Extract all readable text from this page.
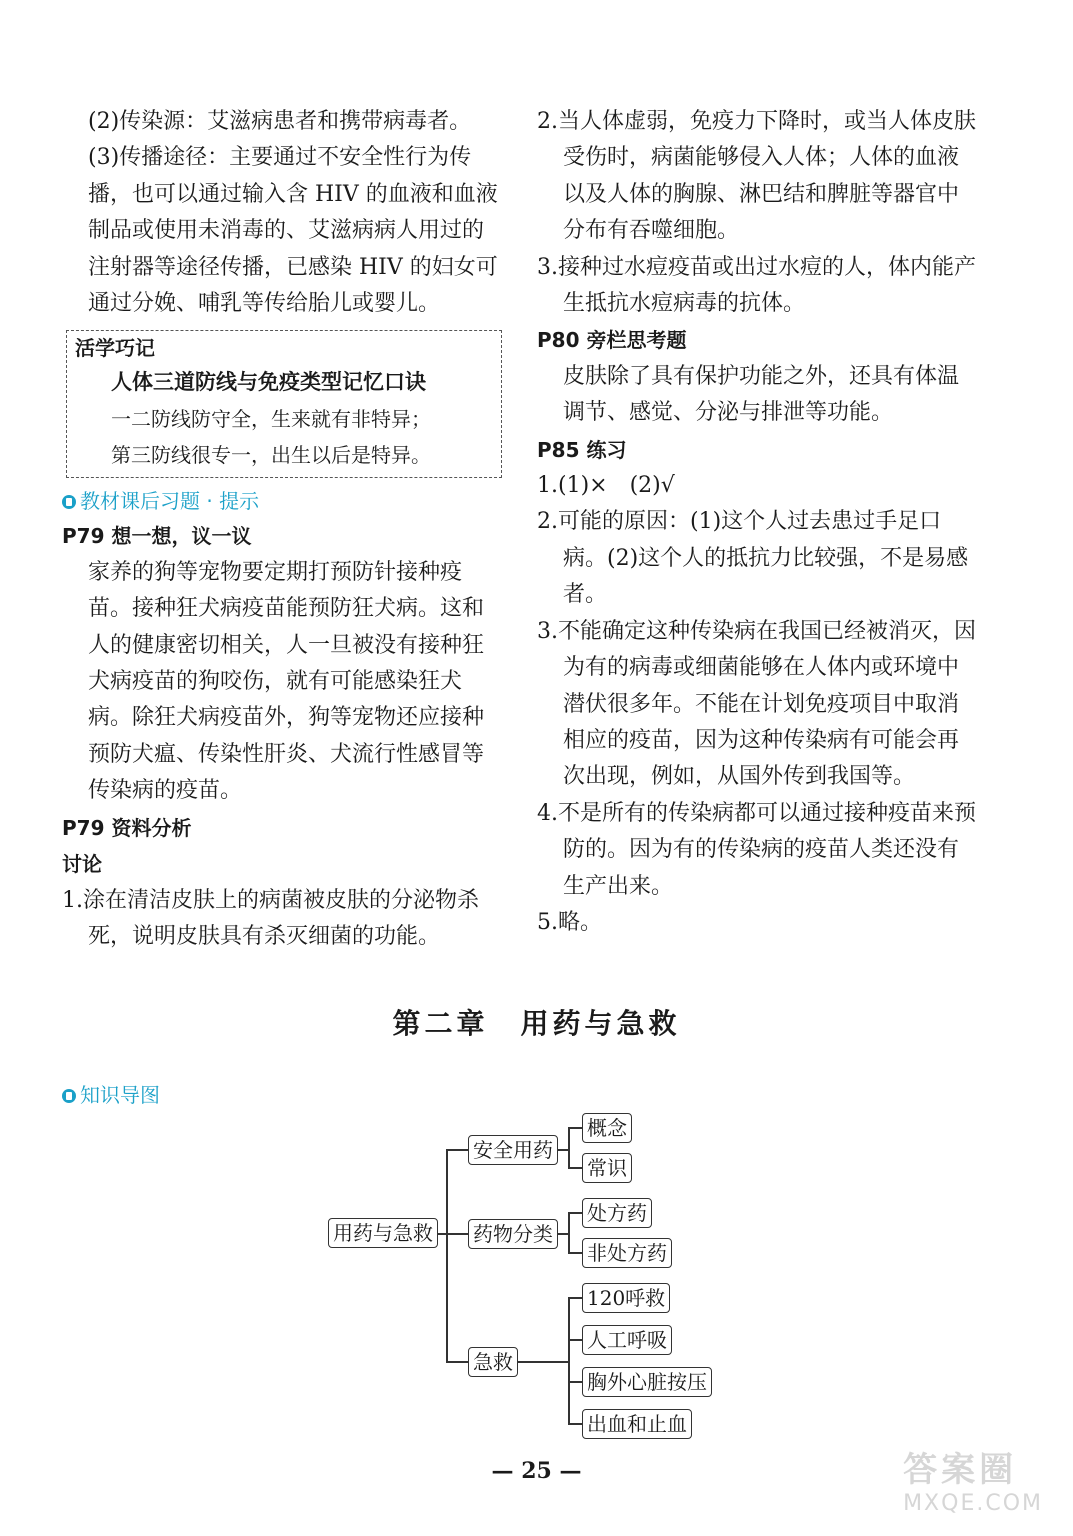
(2)传染源：艾滋病患者和携带病毒者。

(3)传播途径：主要通过不安全性行为传播，也可以通过输入含 HIV 的血液和血液制品或使用未消毒的、艾滋病病人用过的注射器等途径传播，已感染 HIV 的妇女可通过分娩、哺乳等传给胎儿或婴儿。

活学巧记
人体三道防线与免疫类型记忆口诀
一二防线防守全，生来就有非特异；
第三防线很专一，出生以后是特异。
教材课后习题 · 提示

P79 想一想，议一议

家养的狗等宠物要定期打预防针接种疫苗。接种狂犬病疫苗能预防狂犬病。这和人的健康密切相关，人一旦被没有接种狂犬病疫苗的狗咬伤，就有可能感染狂犬病。除狂犬病疫苗外，狗等宠物还应接种预防犬瘟、传染性肝炎、犬流行性感冒等传染病的疫苗。

P79 资料分析

讨论

1.涂在清洁皮肤上的病菌被皮肤的分泌物杀死，说明皮肤具有杀灭细菌的功能。

2.当人体虚弱，免疫力下降时，或当人体皮肤受伤时，病菌能够侵入人体；人体的血液以及人体的胸腺、淋巴结和脾脏等器官中分布有吞噬细胞。

3.接种过水痘疫苗或出过水痘的人，体内能产生抵抗水痘病毒的抗体。

P80 旁栏思考题

皮肤除了具有保护功能之外，还具有体温调节、感觉、分泌与排泄等功能。

P85 练习

1.(1)×　(2)√

2.可能的原因：(1)这个人过去患过手足口病。(2)这个人的抵抗力比较强，不是易感者。

3.不能确定这种传染病在我国已经被消灭，因为有的病毒或细菌能够在人体内或环境中潜伏很多年。不能在计划免疫项目中取消相应的疫苗，因为这种传染病有可能会再次出现，例如，从国外传到我国等。

4.不是所有的传染病都可以通过接种疫苗来预防的。因为有的传染病的疫苗人类还没有生产出来。

5.略。

第二章　用药与急救
知识导图
用药与急救
安全用药
药物分类
急救
概念
常识
处方药
非处方药
120呼救
人工呼吸
胸外心脏按压
出血和止血
— 25 —	答案圈
MXQE.COM
